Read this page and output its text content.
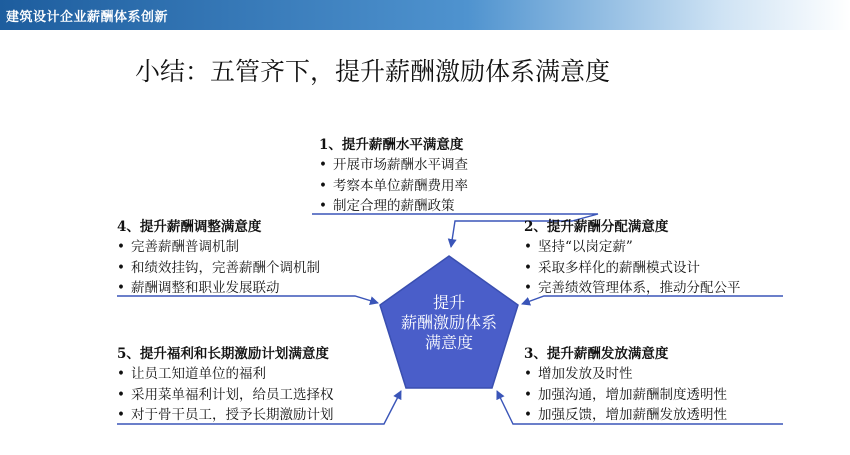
建筑设计企业薪酬体系创新
小结：五管齐下，提升薪酬激励体系满意度
提升
薪酬激励体系
满意度
1、提升薪酬水平满意度
• 开展市场薪酬水平调查
• 考察本单位薪酬费用率
• 制定合理的薪酬政策
4、提升薪酬调整满意度
• 完善薪酬普调机制
• 和绩效挂钩，完善薪酬个调机制
• 薪酬调整和职业发展联动
2、提升薪酬分配满意度
• 坚持“以岗定薪”
• 采取多样化的薪酬模式设计
• 完善绩效管理体系，推动分配公平
5、提升福利和长期激励计划满意度
• 让员工知道单位的福利
• 采用菜单福利计划，给员工选择权
• 对于骨干员工，授予长期激励计划
3、提升薪酬发放满意度
• 增加发放及时性
• 加强沟通，增加薪酬制度透明性
• 加强反馈，增加薪酬发放透明性
